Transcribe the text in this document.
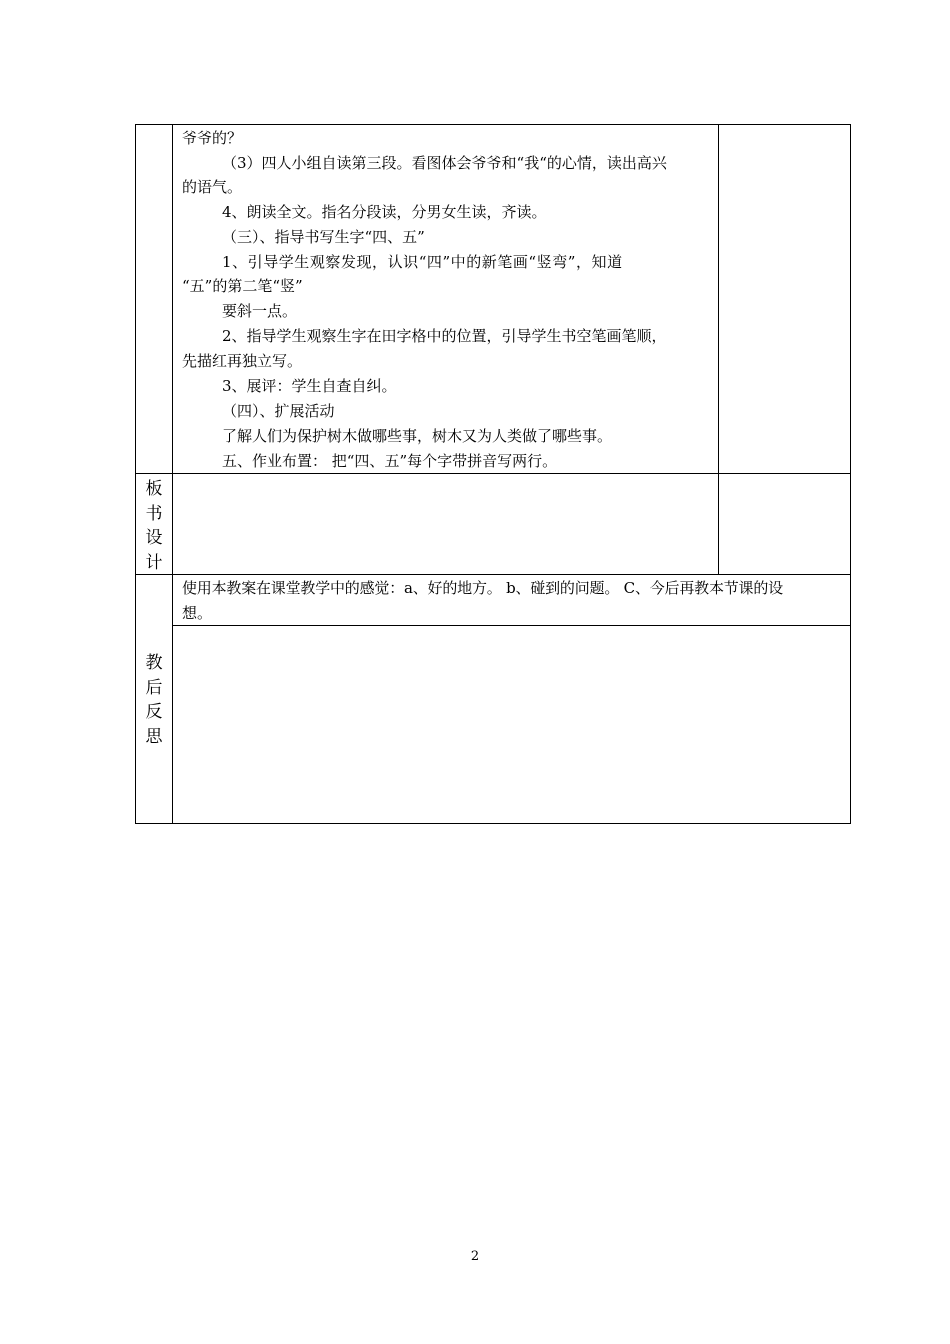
爷爷的？
（3）四人小组自读第三段。看图体会爷爷和“我“的心情，读出高兴
的语气。
4、朗读全文。指名分段读，分男女生读，齐读。
（三）、指导书写生字“四、五”
1、引导学生观察发现，认识“四”中的新笔画“竖弯”，知道
“五”的第二笔“竖”
要斜一点。
2、指导学生观察生字在田字格中的位置，引导学生书空笔画笔顺，
先描红再独立写。
3、展评：学生自查自纠。
（四）、扩展活动
了解人们为保护树木做哪些事，树木又为人类做了哪些事。
五、作业布置： 把“四、五”每个字带拼音写两行。
板
书
设
计
教
后
反
思
使用本教案在课堂教学中的感觉：a、好的地方。 b、碰到的问题。 C、今后再教本节课的设
想。
2
